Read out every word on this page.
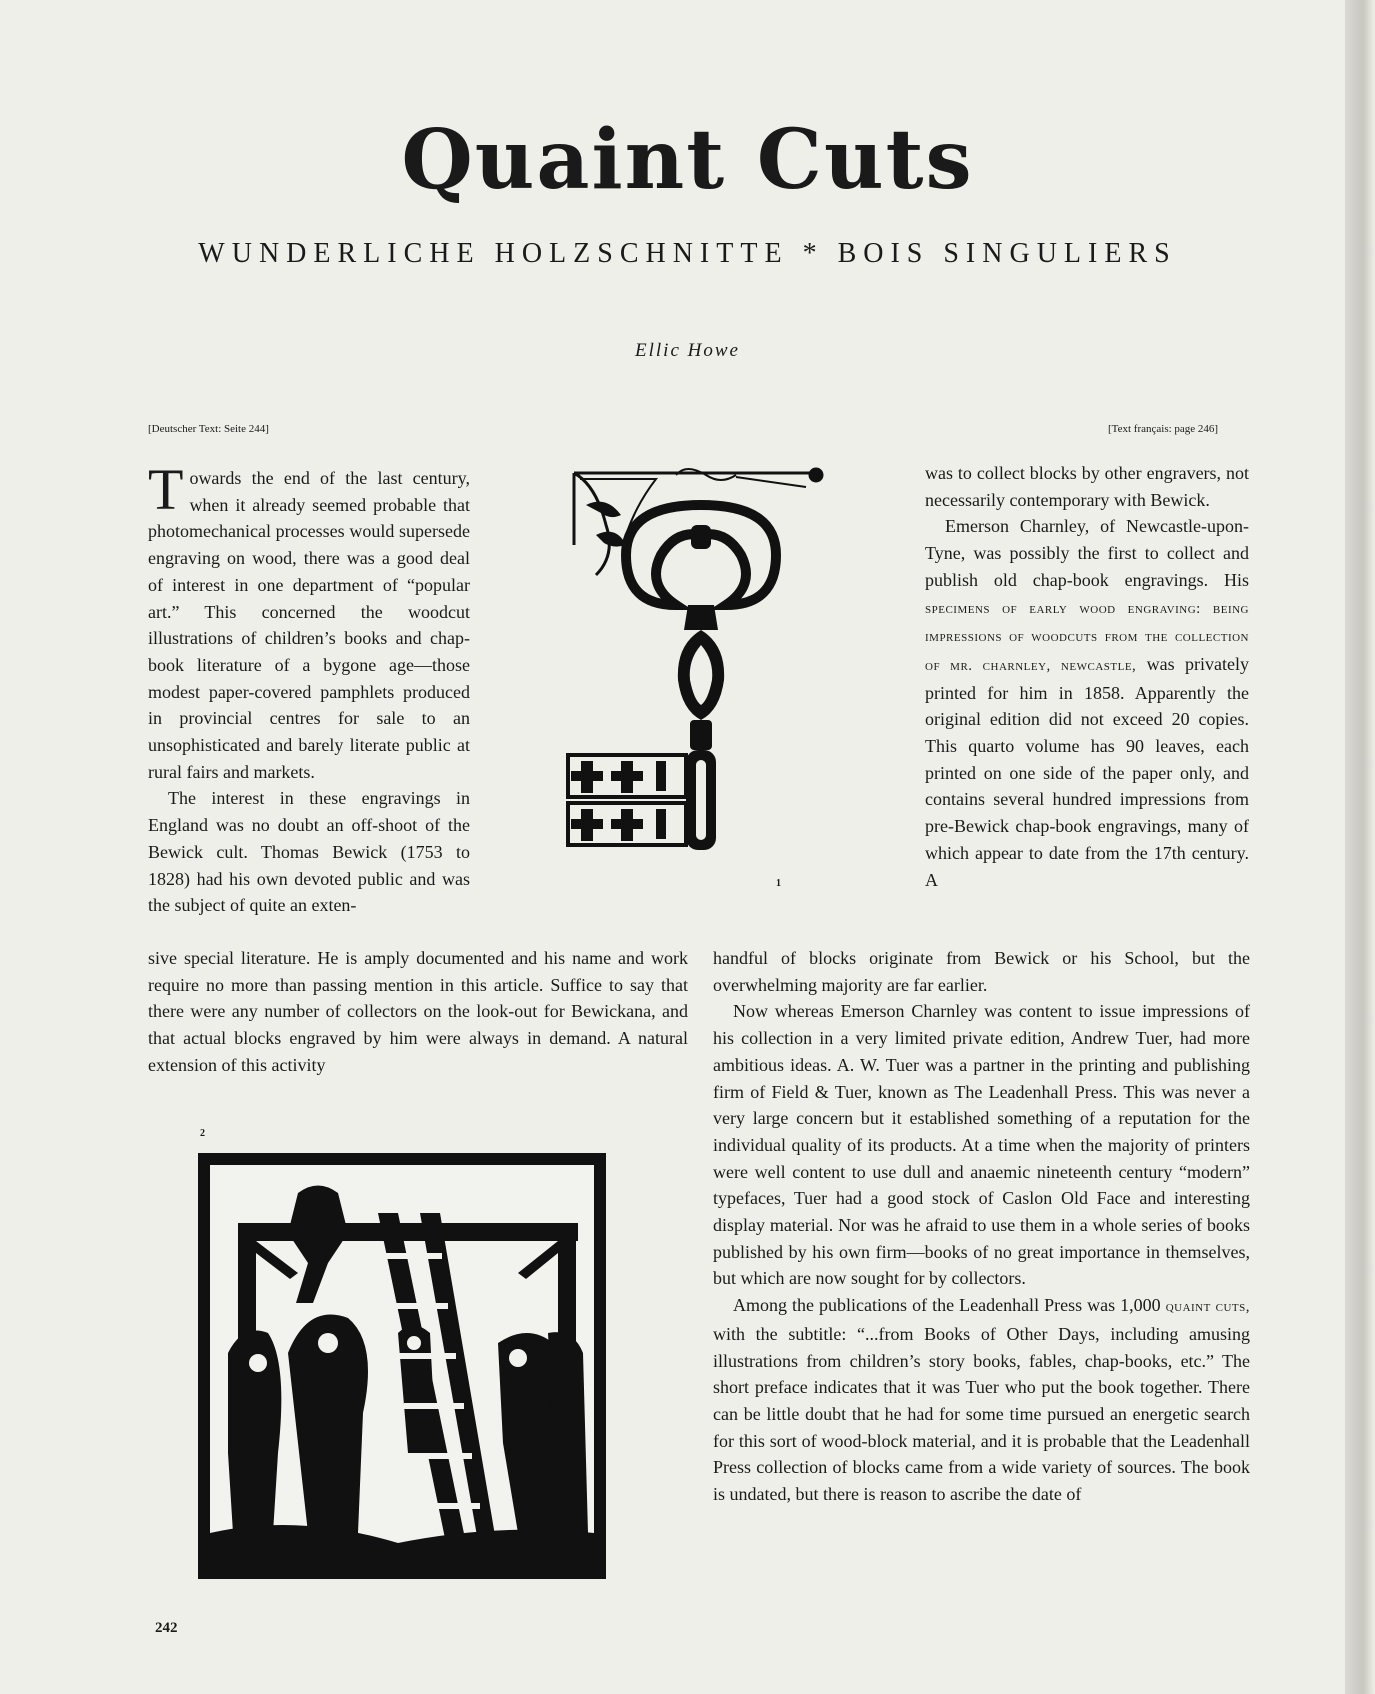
Quaint Cuts
WUNDERLICHE HOLZSCHNITTE * BOIS SINGULIERS
Ellic Howe
[Deutscher Text: Seite 244]	[Text français: page 246]

Towards the end of the last century, when it already seemed probable that photomechanical processes would supersede engraving on wood, there was a good deal of interest in one department of “popular art.” This concerned the woodcut illustrations of children’s books and chap-book literature of a bygone age—those modest paper-covered pamphlets produced in provincial centres for sale to an unsophisticated and barely literate public at rural fairs and markets.

The interest in these engravings in England was no doubt an off-shoot of the Bewick cult. Thomas Bewick (1753 to 1828) had his own devoted public and was the subject of quite an exten-

sive special literature. He is amply documented and his name and work require no more than passing mention in this article. Suffice to say that there were any number of collectors on the look-out for Bewickana, and that actual blocks engraved by him were always in demand. A natural extension of this activity

was to collect blocks by other engravers, not necessarily contemporary with Bewick.

Emerson Charnley, of Newcastle-upon-Tyne, was possibly the first to collect and publish old chap-book engravings. His specimens of early wood engraving: being impressions of woodcuts from the collection of mr. charnley, newcastle, was privately printed for him in 1858. Apparently the original edition did not exceed 20 copies. This quarto volume has 90 leaves, each printed on one side of the paper only, and contains several hundred impressions from pre-Bewick chap-book engravings, many of which appear to date from the 17th century. A

handful of blocks originate from Bewick or his School, but the overwhelming majority are far earlier.

Now whereas Emerson Charnley was content to issue impressions of his collection in a very limited private edition, Andrew Tuer, had more ambitious ideas. A. W. Tuer was a partner in the printing and publishing firm of Field & Tuer, known as The Leadenhall Press. This was never a very large concern but it established something of a reputation for the individual quality of its products. At a time when the majority of printers were well content to use dull and anaemic nineteenth century “modern” typefaces, Tuer had a good stock of Caslon Old Face and interesting display material. Nor was he afraid to use them in a whole series of books published by his own firm—books of no great importance in themselves, but which are now sought for by collectors.

Among the publications of the Leadenhall Press was 1,000 quaint cuts, with the subtitle: “...from Books of Other Days, including amusing illustrations from children’s story books, fables, chap-books, etc.” The short preface indicates that it was Tuer who put the book together. There can be little doubt that he had for some time pursued an energetic search for this sort of wood-block material, and it is probable that the Leadenhall Press collection of blocks came from a wide variety of sources. The book is undated, but there is reason to ascribe the date of

1
2
242
